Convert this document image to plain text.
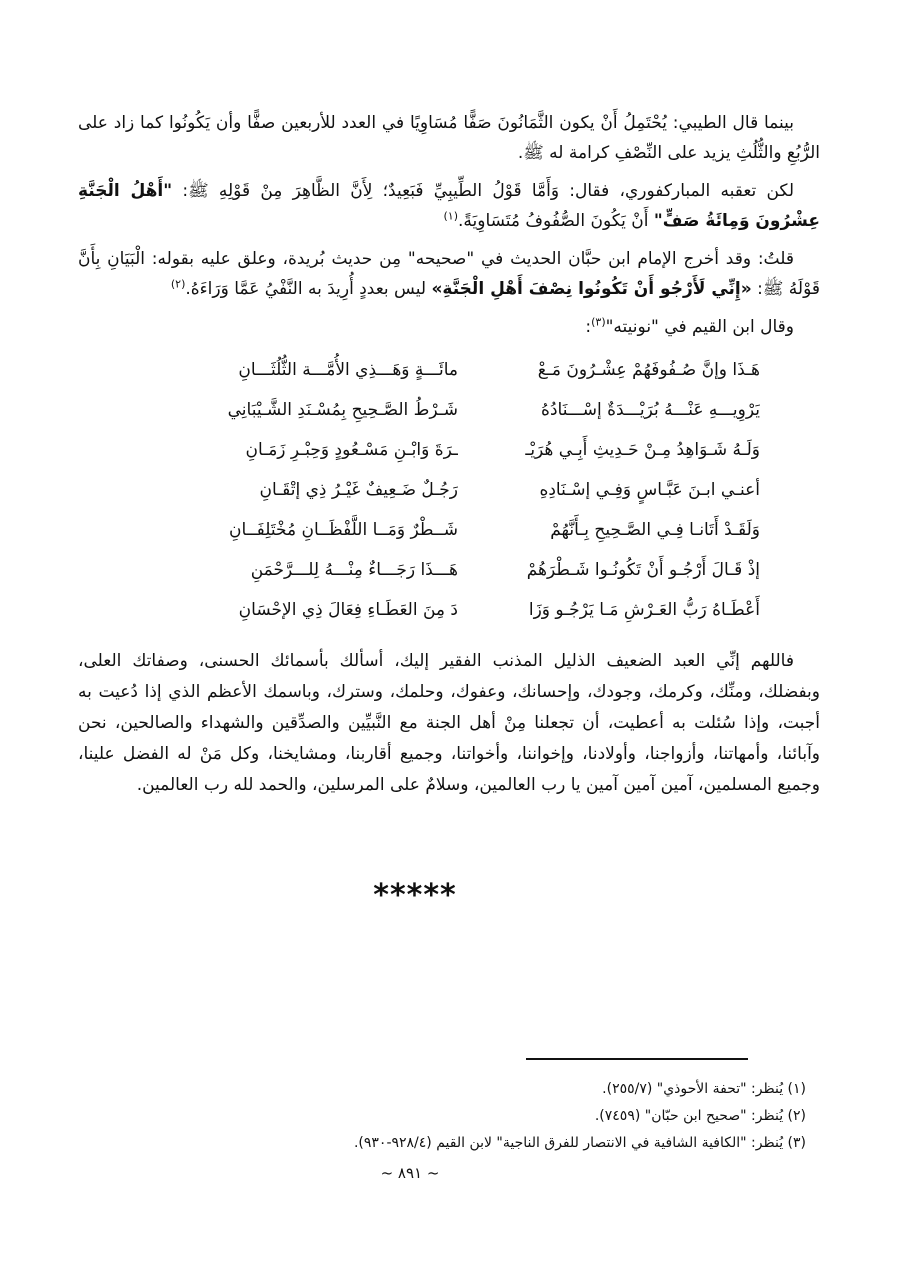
بينما قال الطيبي: يُحْتَمِلُ أَنْ يكون الثَّمَانُونَ صَفًّا مُسَاوِيًا في العدد للأربعين صفًّا وأن يَكُونُوا كما زاد على الرُّبُعِ والثُّلُثِ يزيد على النِّصْفِ كرامة له ﷺ.

لكن تعقبه المباركفوري، فقال: وَأَمَّا قَوْلُ الطِّيبِيِّ فَبَعِيدٌ؛ لِأَنَّ الظَّاهِرَ مِنْ قَوْلِهِ ﷺ: "أَهْلُ الْجَنَّةِ عِشْرُونَ وَمِائَةُ صَفٍّ" أَنْ يَكُونَ الصُّفُوفُ مُتَسَاوِيَةً.$^{(١)}$

قلتُ: وقد أخرج الإمام ابن حبَّان الحديث في "صحيحه" مِن حديث بُريدة، وعلق عليه بقوله: الْبَيَانِ بِأَنَّ قَوْلَهُ ﷺ: «إِنِّي لَأَرْجُو أَنْ تَكُونُوا نِصْفَ أَهْلِ الْجَنَّةِ» ليس بعددٍ أُرِيدَ به النَّفْيُ عَمَّا وَرَاءَهُ.$^{(٢)}$

وقال ابن القيم في "نونيته"$^{(٣)}$:

هَـذَا وإنَّ صُـفُوفَهُمْ عِشْـرُونَ مَـعْ
مائَـــةٍ وَهَـــذِي الأُمَّـــة الثُّلُثَـــانِ
يَرْوِيـــهِ عَنْـــهُ بُرَيْـــدَةٌ إسْـــنَادُهُ
شَـرْطُ الصَّـحِيحِ بِمُسْـنَدِ الشَّـيْبَانِي
وَلَـهُ شَـوَاهِدُ مِـنْ حَـدِيثِ أَبِـي هُرَيْـ
ـرَةَ وَابْـنِ مَسْـعُودٍ وَحِبْـرِ زَمَـانِ
أعنـي ابـنَ عَبَّـاسٍ وَفِـي إسْـنَادِهِ
رَجُـلٌ ضَـعِيفٌ غَيْـرُ ذِي إتْقَـانِ
وَلَقَـدْ أَتَانـا فِـي الصَّـحِيحِ بِـأَنَّهُمْ
شَــطْرٌ وَمَــا اللَّفْظَــانِ مُخْتَلِفَــانِ
إذْ قَـالَ أَرْجُـو أَنْ تَكُونُـوا شَـطْرَهُمْ
هَـــذَا رَجَـــاءٌ مِنْـــهُ لِلـــرَّحْمَنِ
أَعْطَـاهُ رَبُّ العَـرْشِ مَـا يَرْجُـو وَزَا
دَ مِنَ العَطَـاءِ فِعَالَ ذِي الإحْسَانِ

فاللهم إنِّي العبد الضعيف الذليل المذنب الفقير إليك، أسألك بأسمائك الحسنى، وصفاتك العلى، وبفضلك، ومنِّك، وكرمك، وجودك، وإحسانك، وعفوك، وحلمك، وسترك، وباسمك الأعظم الذي إذا دُعيت به أجبت، وإذا سُئلت به أعطيت، أن تجعلنا مِنْ أهل الجنة مع النَّبيِّين والصدِّقين والشهداء والصالحين، نحن وآبائنا، وأمهاتنا، وأزواجنا، وأولادنا، وإخواننا، وأخواتنا، وجميع أقاربنا، ومشايخنا، وكل مَنْ له الفضل علينا، وجميع المسلمين، آمين آمين آمين يا رب العالمين، وسلامٌ على المرسلين، والحمد لله رب العالمين.

*****

(١) يُنظر: "تحفة الأحوذي" (٢٥٥/٧).

(٢) يُنظر: "صحيح ابن حبّان" (٧٤٥٩).

(٣) يُنظر: "الكافية الشافية في الانتصار للفرق الناجية" لابن القيم (٩٢٨/٤-٩٣٠).

~ ٨٩١ ~
